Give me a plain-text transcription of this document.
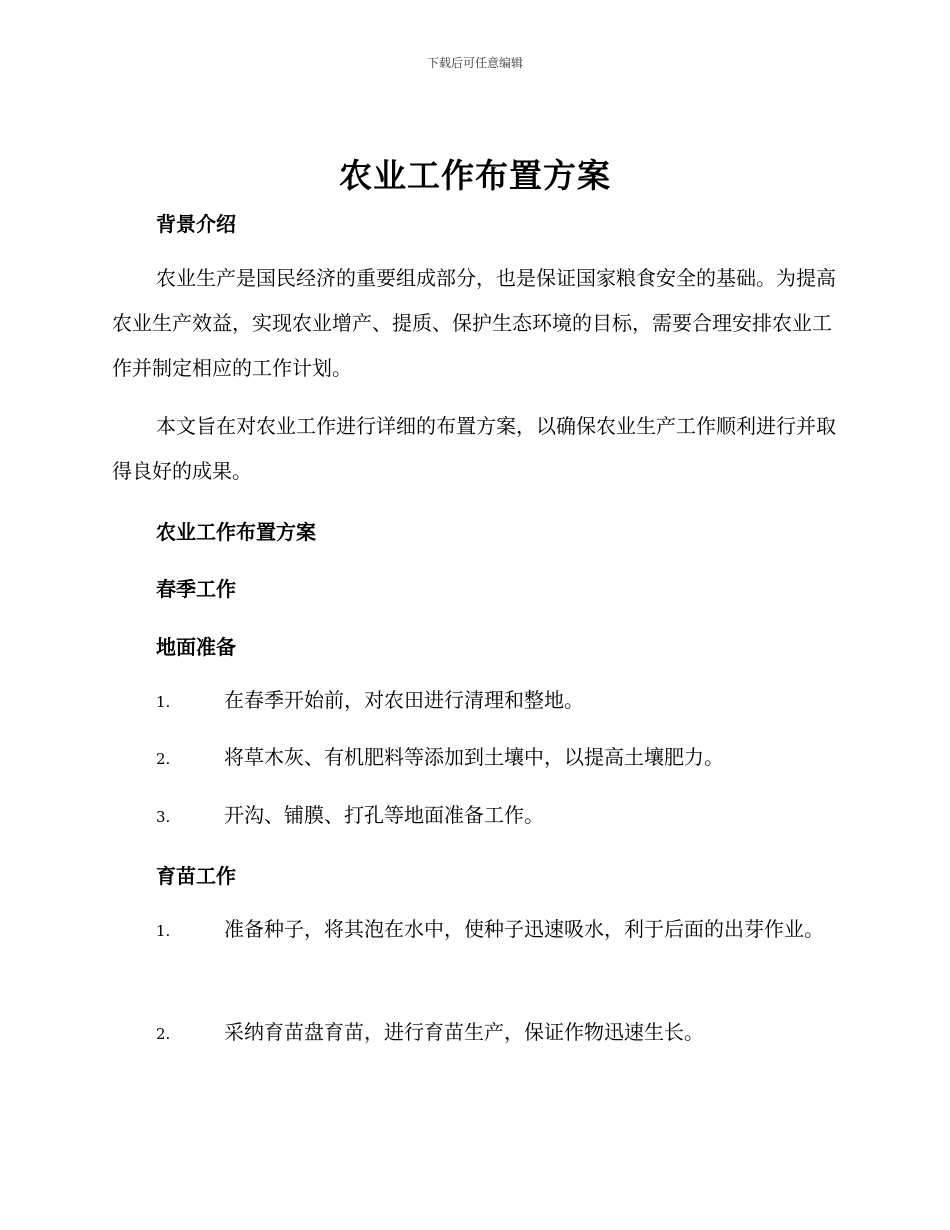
下载后可任意编辑
农业工作布置方案
背景介绍

农业生产是国民经济的重要组成部分，也是保证国家粮食安全的基础。为提高农业生产效益，实现农业增产、提质、保护生态环境的目标，需要合理安排农业工作并制定相应的工作计划。

本文旨在对农业工作进行详细的布置方案，以确保农业生产工作顺利进行并取得良好的成果。

农业工作布置方案
春季工作
地面准备

1.	在春季开始前，对农田进行清理和整地。

2.	将草木灰、有机肥料等添加到土壤中，以提高土壤肥力。

3.	开沟、铺膜、打孔等地面准备工作。

育苗工作

1.	准备种子，将其泡在水中，使种子迅速吸水，利于后面的出芽作业。

2.	采纳育苗盘育苗，进行育苗生产，保证作物迅速生长。
